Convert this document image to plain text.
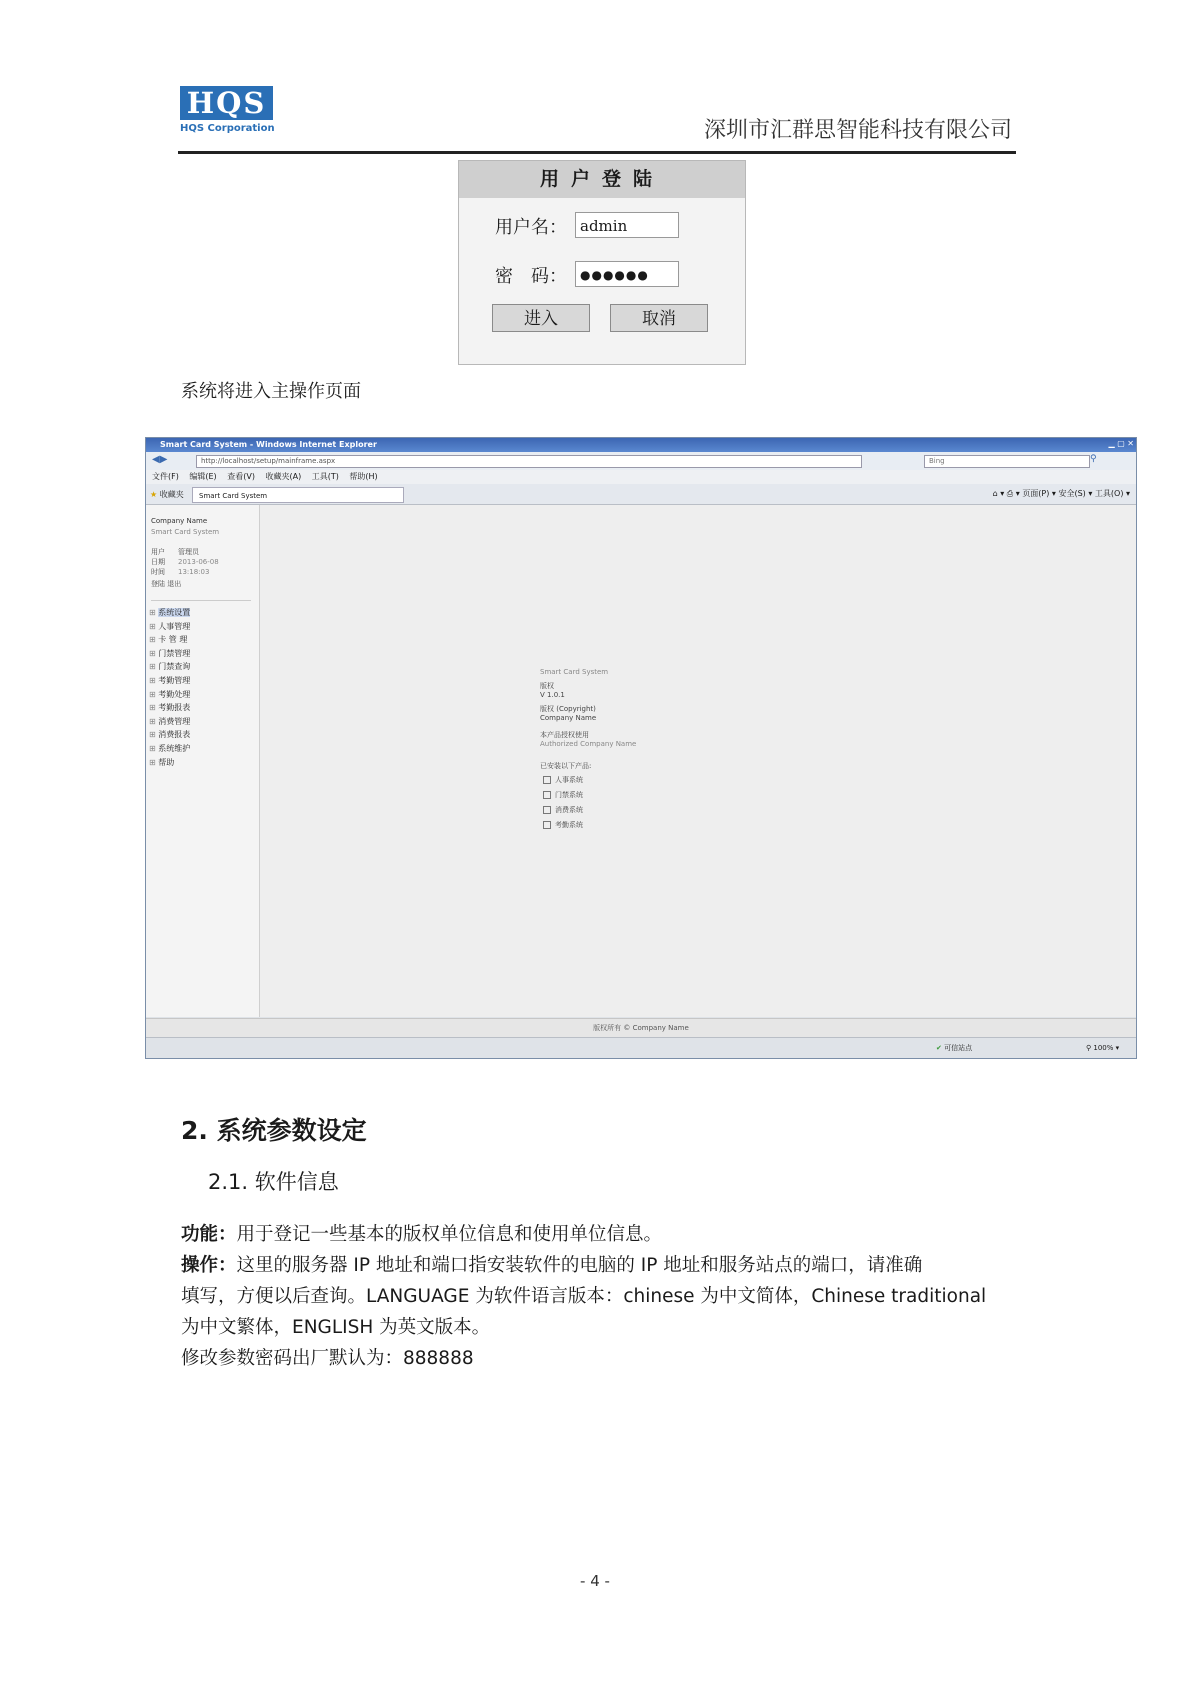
HQS
HQS Corporation	深圳市汇群思智能科技有限公司
用户登陆
用户名： admin
密　码：	●●●●●●
进入	取消
系统将进入主操作页面
Smart Card System - Windows Internet Explorer	▁ ▢ ✕
◀▶	http://localhost/setup/mainframe.aspx	Bing	⚲
文件(F) 编辑(E) 查看(V) 收藏夹(A) 工具(T) 帮助(H)
★ 收藏夹	Smart Card System	⌂ ▾ ⎙ ▾ 页面(P) ▾ 安全(S) ▾ 工具(O) ▾
Company Name
Smart Card System
用户 管理员
日期 2013-06-08
时间 13:18:03
登陆 退出
⊞ 系统设置
⊞ 人事管理
⊞ 卡 管 理
⊞ 门禁管理
⊞ 门禁查询
⊞ 考勤管理
⊞ 考勤处理
⊞ 考勤报表
⊞ 消费管理
⊞ 消费报表
⊞ 系统维护
⊞ 帮助
Smart Card System
版权
V 1.0.1
版权 (Copyright)
Company Name
本产品授权使用
Authorized Company Name
已安装以下产品:
人事系统
门禁系统
消费系统
考勤系统
版权所有 © Company Name
✔ 可信站点	⚲ 100% ▾
2. 系统参数设定
2.1. 软件信息
功能：用于登记一些基本的版权单位信息和使用单位信息。
操作：这里的服务器 IP 地址和端口指安装软件的电脑的 IP 地址和服务站点的端口，请准确
填写，方便以后查询。LANGUAGE 为软件语言版本：chinese 为中文简体，Chinese traditional
为中文繁体，ENGLISH 为英文版本。
修改参数密码出厂默认为：888888
- 4 -
